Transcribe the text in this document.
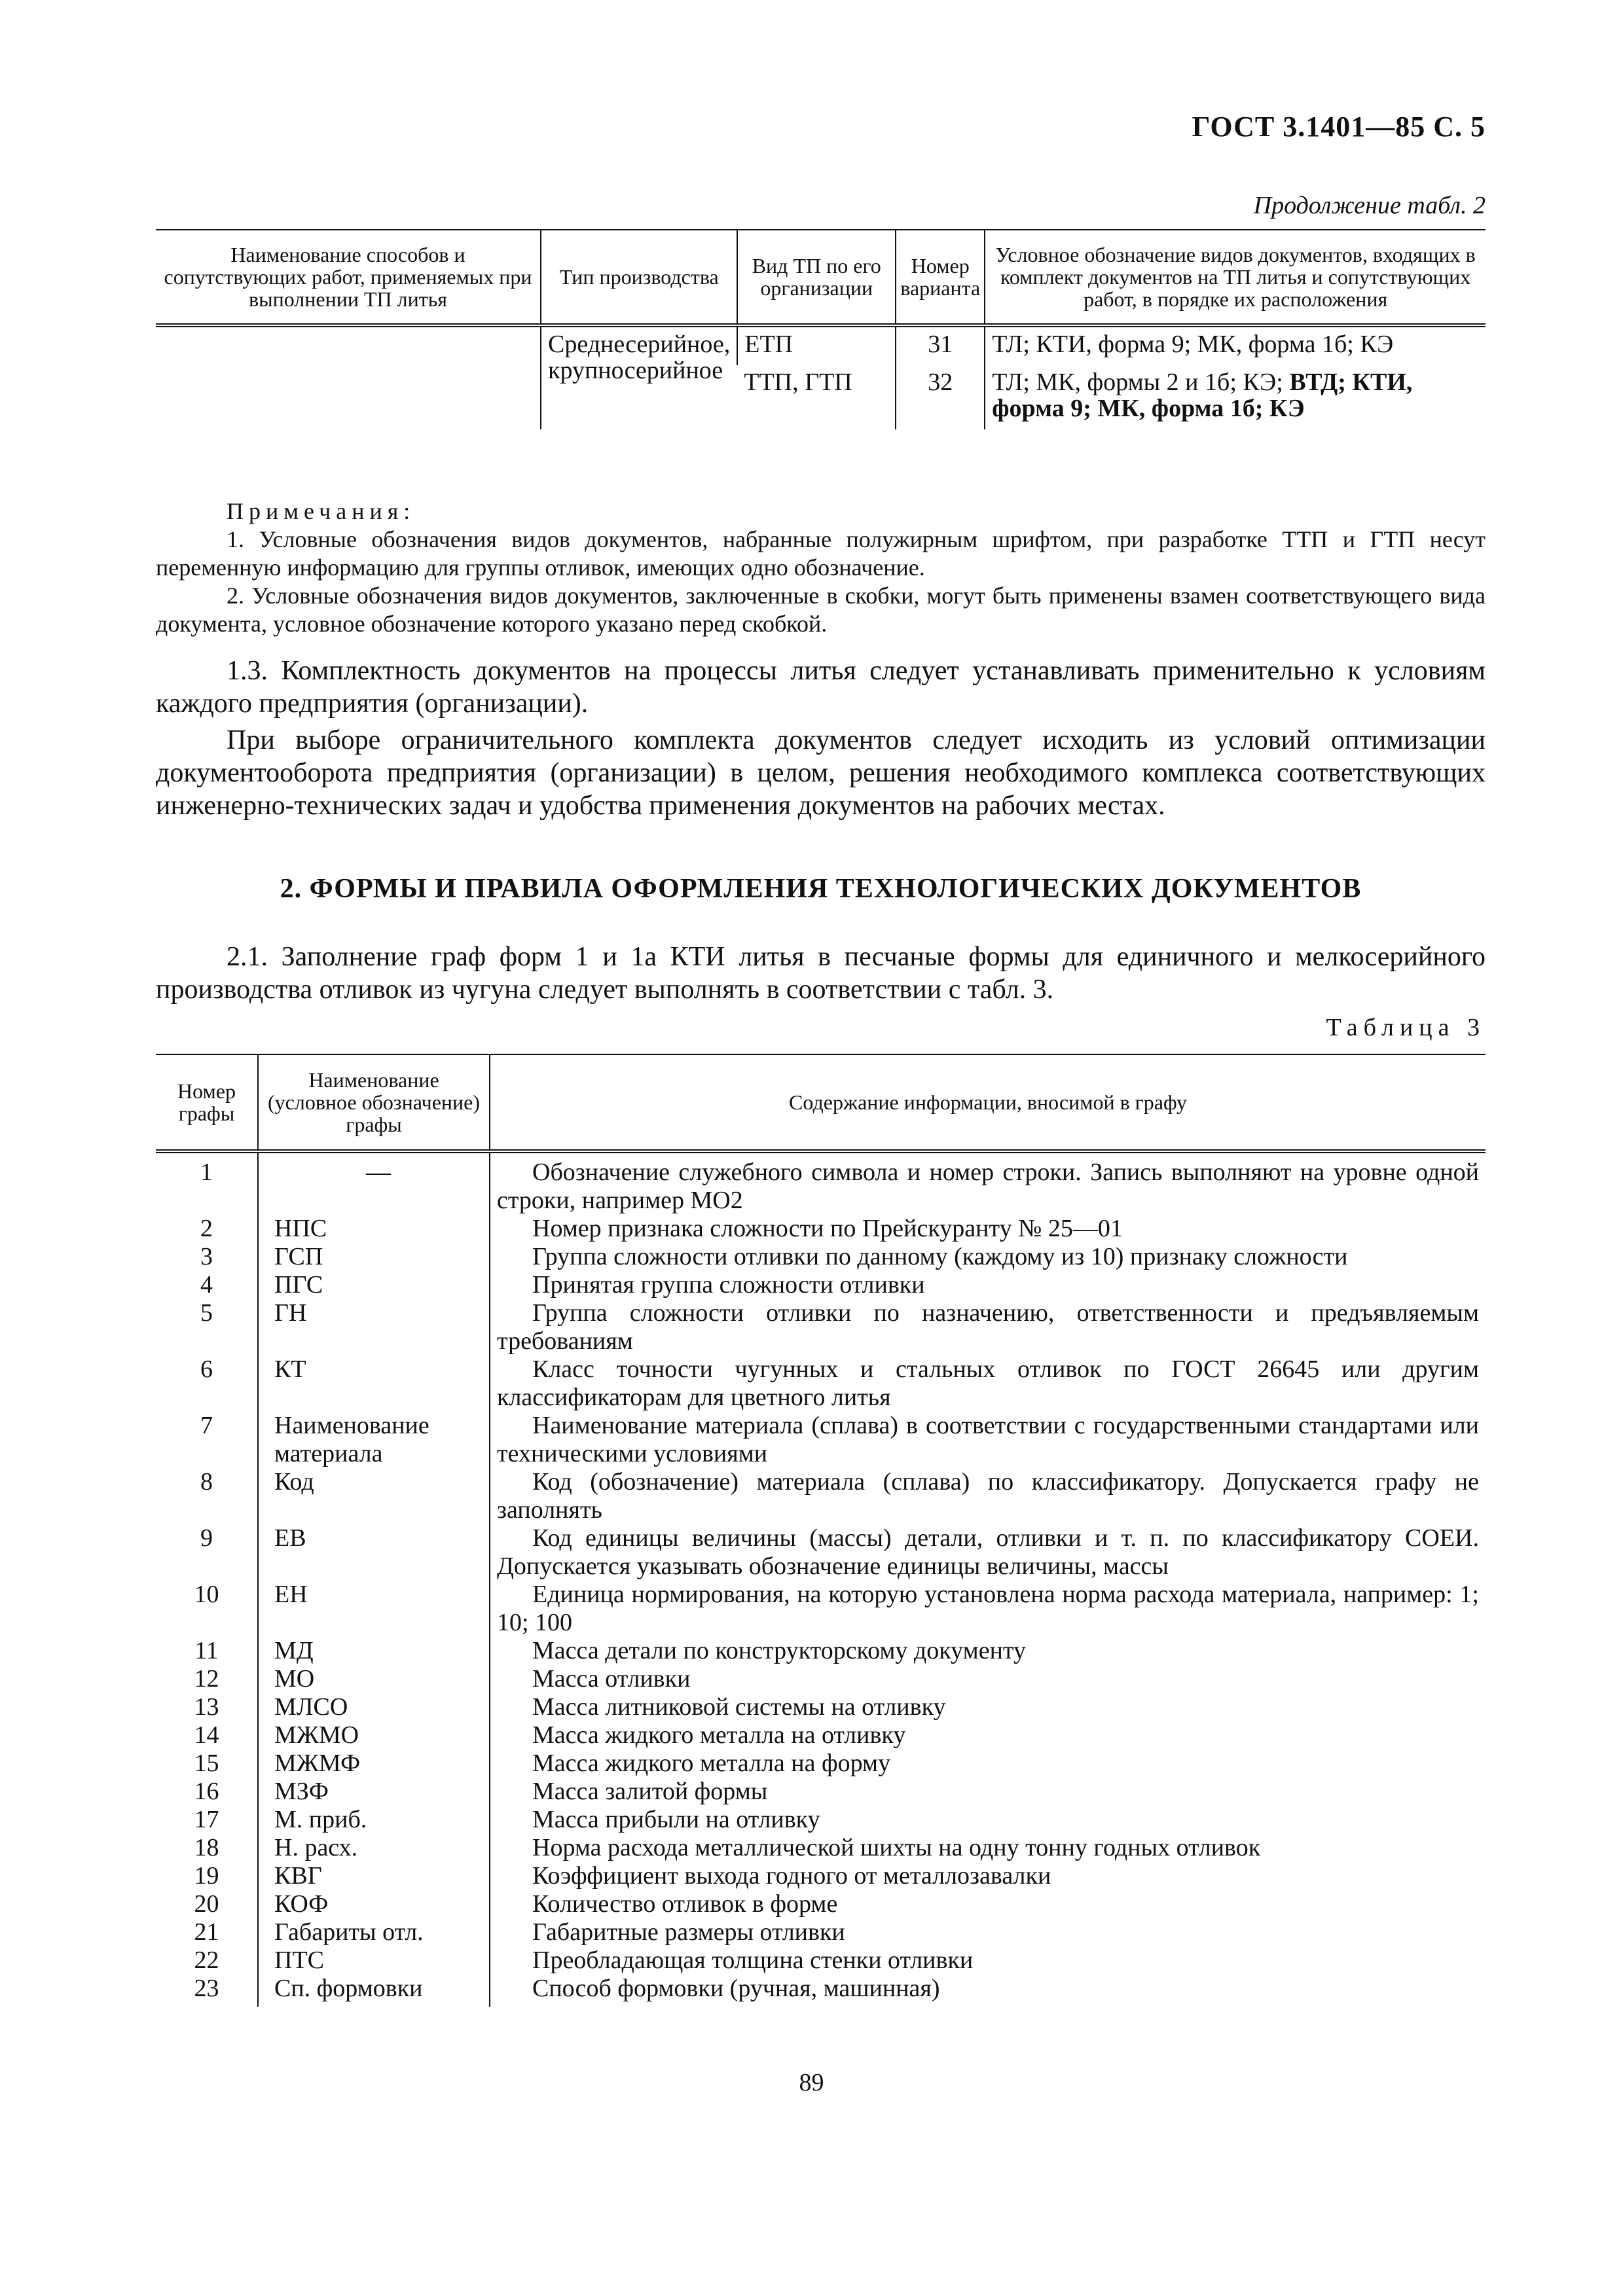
ГОСТ 3.1401—85 С. 5
Продолжение табл. 2
Наименование способов и сопутствующих работ, применяемых при выполнении ТП литья	Тип производства	Вид ТП по его организации	Номер варианта	Условное обозначение видов документов, входящих в комплект документов на ТП литья и сопутствующих работ, в порядке их расположения

	Среднесерийное, крупносерийное	ЕТП	31	ТЛ; КТИ, форма 9; МК, форма 1б; КЭ
		ТТП, ГТП	32	ТЛ; МК, формы 2 и 1б; КЭ; ВТД; КТИ, форма 9; МК, форма 1б; КЭ
Примечания:

1. Условные обозначения видов документов, набранные полужирным шрифтом, при разработке ТТП и ГТП несут переменную информацию для группы отливок, имеющих одно обозначение.

2. Условные обозначения видов документов, заключенные в скобки, могут быть применены взамен соответствующего вида документа, условное обозначение которого указано перед скобкой.

1.3. Комплектность документов на процессы литья следует устанавливать применительно к условиям каждого предприятия (организации).

При выборе ограничительного комплекта документов следует исходить из условий оптимизации документооборота предприятия (организации) в целом, решения необходимого комплекса соответствующих инженерно-технических задач и удобства применения документов на рабочих местах.

2. ФОРМЫ И ПРАВИЛА ОФОРМЛЕНИЯ ТЕХНОЛОГИЧЕСКИХ ДОКУМЕНТОВ

2.1. Заполнение граф форм 1 и 1а КТИ литья в песчаные формы для единичного и мелкосерийного производства отливок из чугуна следует выполнять в соответствии с табл. 3.

Таблица 3
Номер графы	Наименование (условное обозначение) графы	Содержание информации, вносимой в графу
1	—	Обозначение служебного символа и номер строки. Запись выполняют на уровне одной строки, например МО2

2	НПС	Номер признака сложности по Прейскуранту № 25—01

3	ГСП	Группа сложности отливки по данному (каждому из 10) признаку сложности

4	ПГС	Принятая группа сложности отливки

5	ГН	Группа сложности отливки по назначению, ответственности и предъявляемым требованиям

6	КТ	Класс точности чугунных и стальных отливок по ГОСТ 26645 или другим классификаторам для цветного литья

7	Наименование материала	Наименование материала (сплава) в соответствии с государственными стандартами или техническими условиями

8	Код	Код (обозначение) материала (сплава) по классификатору. Допускается графу не заполнять

9	ЕВ	Код единицы величины (массы) детали, отливки и т. п. по классификатору СОЕИ. Допускается указывать обозначение единицы величины, массы

10	ЕН	Единица нормирования, на которую установлена норма расхода материала, например: 1; 10; 100

11	МД	Масса детали по конструкторскому документу

12	МО	Масса отливки

13	МЛСО	Масса литниковой системы на отливку

14	МЖМО	Масса жидкого металла на отливку

15	МЖМФ	Масса жидкого металла на форму

16	МЗФ	Масса залитой формы

17	М. приб.	Масса прибыли на отливку

18	Н. расх.	Норма расхода металлической шихты на одну тонну годных отливок

19	КВГ	Коэффициент выхода годного от металлозавалки

20	КОФ	Количество отливок в форме

21	Габариты отл.	Габаритные размеры отливки

22	ПТС	Преобладающая толщина стенки отливки

23	Сп. формовки	Способ формовки (ручная, машинная)
89
